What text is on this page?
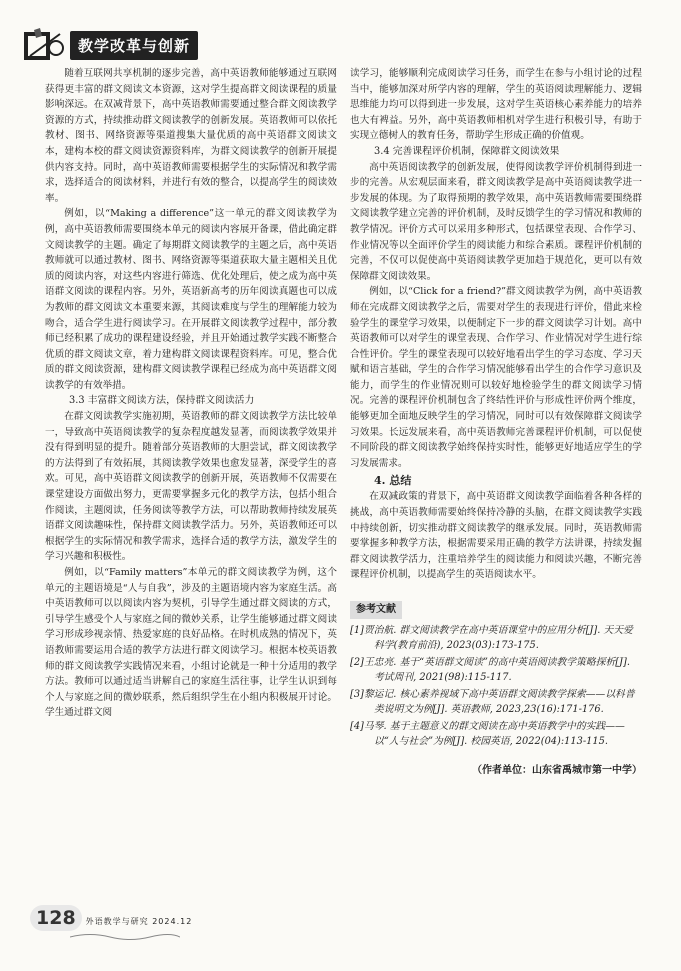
教学改革与创新

随着互联网共享机制的逐步完善，高中英语教师能够通过互联网获得更丰富的群文阅读文本资源，这对学生提高群文阅读课程的质量影响深远。在双减背景下，高中英语教师需要通过整合群文阅读教学资源的方式，持续推动群文阅读教学的创新发展。英语教师可以依托教材、图书、网络资源等渠道搜集大量优质的高中英语群文阅读文本，建构本校的群文阅读资源资料库，为群文阅读教学的创新开展提供内容支持。同时，高中英语教师需要根据学生的实际情况和教学需求，选择适合的阅读材料，并进行有效的整合，以提高学生的阅读效率。

例如，以“Making a difference”这一单元的群文阅读教学为例，高中英语教师需要围绕本单元的阅读内容展开备课，借此确定群文阅读教学的主题。确定了每期群文阅读教学的主题之后，高中英语教师就可以通过教材、图书、网络资源等渠道获取大量主题相关且优质的阅读内容，对这些内容进行筛选、优化处理后，使之成为高中英语群文阅读的课程内容。另外，英语新高考的历年阅读真题也可以成为教师的群文阅读文本重要来源，其阅读难度与学生的理解能力较为吻合，适合学生进行阅读学习。在开展群文阅读教学过程中，部分教师已经积累了成功的课程建设经验，并且开始通过教学实践不断整合优质的群文阅读文章，着力建构群文阅读课程资料库。可见，整合优质的群文阅读资源，建构群文阅读教学课程已经成为高中英语群文阅读教学的有效举措。

3.3 丰富群文阅读方法，保持群文阅读活力

在群文阅读教学实施初期，英语教师的群文阅读教学方法比较单一，导致高中英语阅读教学的复杂程度越发显著，而阅读教学效果并没有得到明显的提升。随着部分英语教师的大胆尝试，群文阅读教学的方法得到了有效拓展，其阅读教学效果也愈发显著，深受学生的喜欢。可见，高中英语群文阅读教学的创新开展，英语教师不仅需要在课堂建设方面做出努力，更需要掌握多元化的教学方法，包括小组合作阅读，主题阅读，任务阅读等教学方法，可以帮助教师持续发展英语群文阅读趣味性，保持群文阅读教学活力。另外，英语教师还可以根据学生的实际情况和教学需求，选择合适的教学方法，激发学生的学习兴趣和积极性。

例如，以“Family matters”本单元的群文阅读教学为例，这个单元的主题语境是“人与自我”，涉及的主题语境内容为家庭生活。高中英语教师可以以阅读内容为契机，引导学生通过群文阅读的方式，引导学生感受个人与家庭之间的微妙关系，让学生能够通过群文阅读学习形成珍视亲情、热爱家庭的良好品格。在时机成熟的情况下，英语教师需要运用合适的教学方法进行群文阅读学习。根据本校英语教师的群文阅读教学实践情况来看，小组讨论就是一种十分适用的教学方法。教师可以通过适当讲解自己的家庭生活往事，让学生认识到每个人与家庭之间的微妙联系，然后组织学生在小组内积极展开讨论。学生通过群文阅

读学习，能够顺利完成阅读学习任务，而学生在参与小组讨论的过程当中，能够加深对所学内容的理解，学生的英语阅读理解能力、逻辑思维能力均可以得到进一步发展，这对学生英语核心素养能力的培养也大有裨益。另外，高中英语教师相机对学生进行积极引导，有助于实现立德树人的教育任务，帮助学生形成正确的价值观。

3.4 完善课程评价机制，保障群文阅读效果

高中英语阅读教学的创新发展，使得阅读教学评价机制得到进一步的完善。从宏观层面来看，群文阅读教学是高中英语阅读教学进一步发展的体现。为了取得预期的教学效果，高中英语教师需要围绕群文阅读教学建立完善的评价机制，及时反馈学生的学习情况和教师的教学情况。评价方式可以采用多种形式，包括课堂表现、合作学习、作业情况等以全面评价学生的阅读能力和综合素质。课程评价机制的完善，不仅可以促使高中英语阅读教学更加趋于规范化，更可以有效保障群文阅读效果。

例如，以“Click for a friend?”群文阅读教学为例，高中英语教师在完成群文阅读教学之后，需要对学生的表现进行评价，借此来检验学生的课堂学习效果，以便制定下一步的群文阅读学习计划。高中英语教师可以对学生的课堂表现、合作学习、作业情况对学生进行综合性评价。学生的课堂表现可以较好地看出学生的学习态度、学习天赋和语言基础，学生的合作学习情况能够看出学生的合作学习意识及能力，而学生的作业情况则可以较好地检验学生的群文阅读学习情况。完善的课程评价机制包含了终结性评价与形成性评价两个维度，能够更加全面地反映学生的学习情况，同时可以有效保障群文阅读学习效果。长远发展来看，高中英语教师完善课程评价机制，可以促使不同阶段的群文阅读教学始终保持实时性，能够更好地适应学生的学习发展需求。

4. 总结

在双减政策的背景下，高中英语群文阅读教学面临着各种各样的挑战，高中英语教师需要始终保持冷静的头脑，在群文阅读教学实践中持续创新，切实推动群文阅读教学的继承发展。同时，英语教师需要掌握多种教学方法，根据需要采用正确的教学方法讲课，持续发掘群文阅读教学活力，注重培养学生的阅读能力和阅读兴趣，不断完善课程评价机制，以提高学生的英语阅读水平。

参考文献
[1]贾治航. 群文阅读教学在高中英语课堂中的应用分析[J]. 天天爱科学(教育前沿), 2023(03):173-175.
[2]王忠亮. 基于“英语群文阅读”的高中英语阅读教学策略探析[J]. 考试周刊, 2021(98):115-117.
[3]黎运记. 核心素养视域下高中英语群文阅读教学探索——以科普类说明文为例[J]. 英语教师, 2023,23(16):171-176.
[4]马琴. 基于主题意义的群文阅读在高中英语教学中的实践——以“人与社会”为例[J]. 校园英语, 2022(04):113-115.
（作者单位：山东省禹城市第一中学）
128	外语教学与研究 2024.12
